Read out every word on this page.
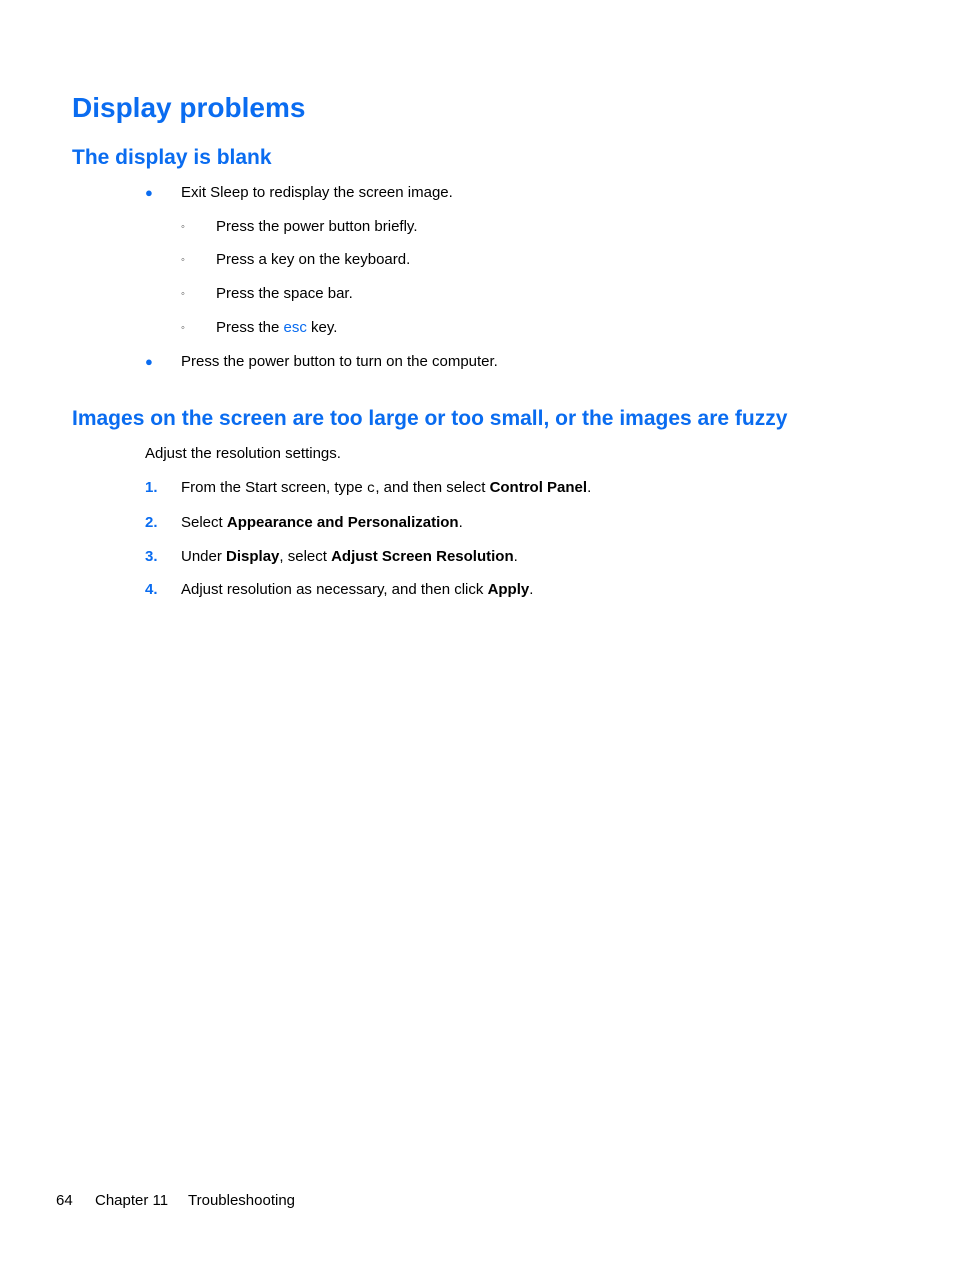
Display problems
The display is blank
● Exit Sleep to redisplay the screen image.
◦ Press the power button briefly.
◦ Press a key on the keyboard.
◦ Press the space bar.
◦ Press the esc key.
● Press the power button to turn on the computer.
Images on the screen are too large or too small, or the images are fuzzy
Adjust the resolution settings.
1. From the Start screen, type c, and then select Control Panel.
2. Select Appearance and Personalization.
3. Under Display, select Adjust Screen Resolution.
4. Adjust resolution as necessary, and then click Apply.
64 Chapter 11 Troubleshooting
